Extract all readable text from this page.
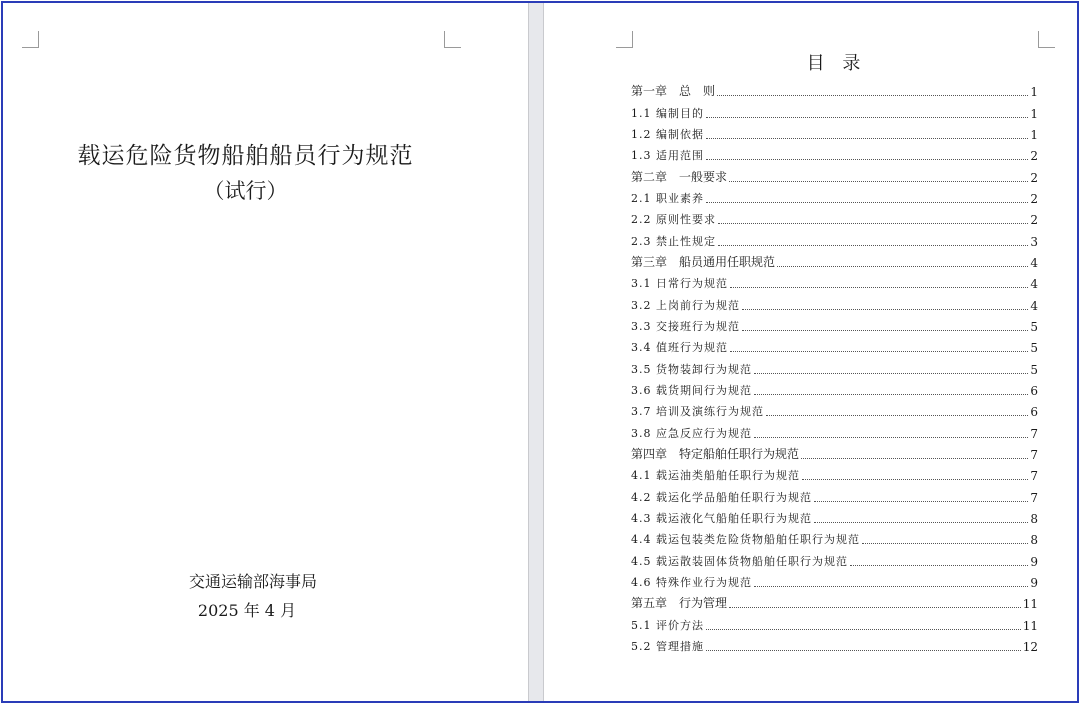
载运危险货物船舶船员行为规范
（试行）
交通运输部海事局
2025 年 4 月
目 录
第一章　总　则	1
1.1 编制目的	1
1.2 编制依据	1
1.3 适用范围	2
第二章　一般要求	2
2.1 职业素养	2
2.2 原则性要求	2
2.3 禁止性规定	3
第三章　船员通用任职规范	4
3.1 日常行为规范	4
3.2 上岗前行为规范	4
3.3 交接班行为规范	5
3.4 值班行为规范	5
3.5 货物装卸行为规范	5
3.6 载货期间行为规范	6
3.7 培训及演练行为规范	6
3.8 应急反应行为规范	7
第四章　特定船舶任职行为规范	7
4.1 载运油类船舶任职行为规范	7
4.2 载运化学品船舶任职行为规范	7
4.3 载运液化气船舶任职行为规范	8
4.4 载运包装类危险货物船舶任职行为规范	8
4.5 载运散装固体货物船舶任职行为规范	9
4.6 特殊作业行为规范	9
第五章　行为管理	11
5.1 评价方法	11
5.2 管理措施	12
